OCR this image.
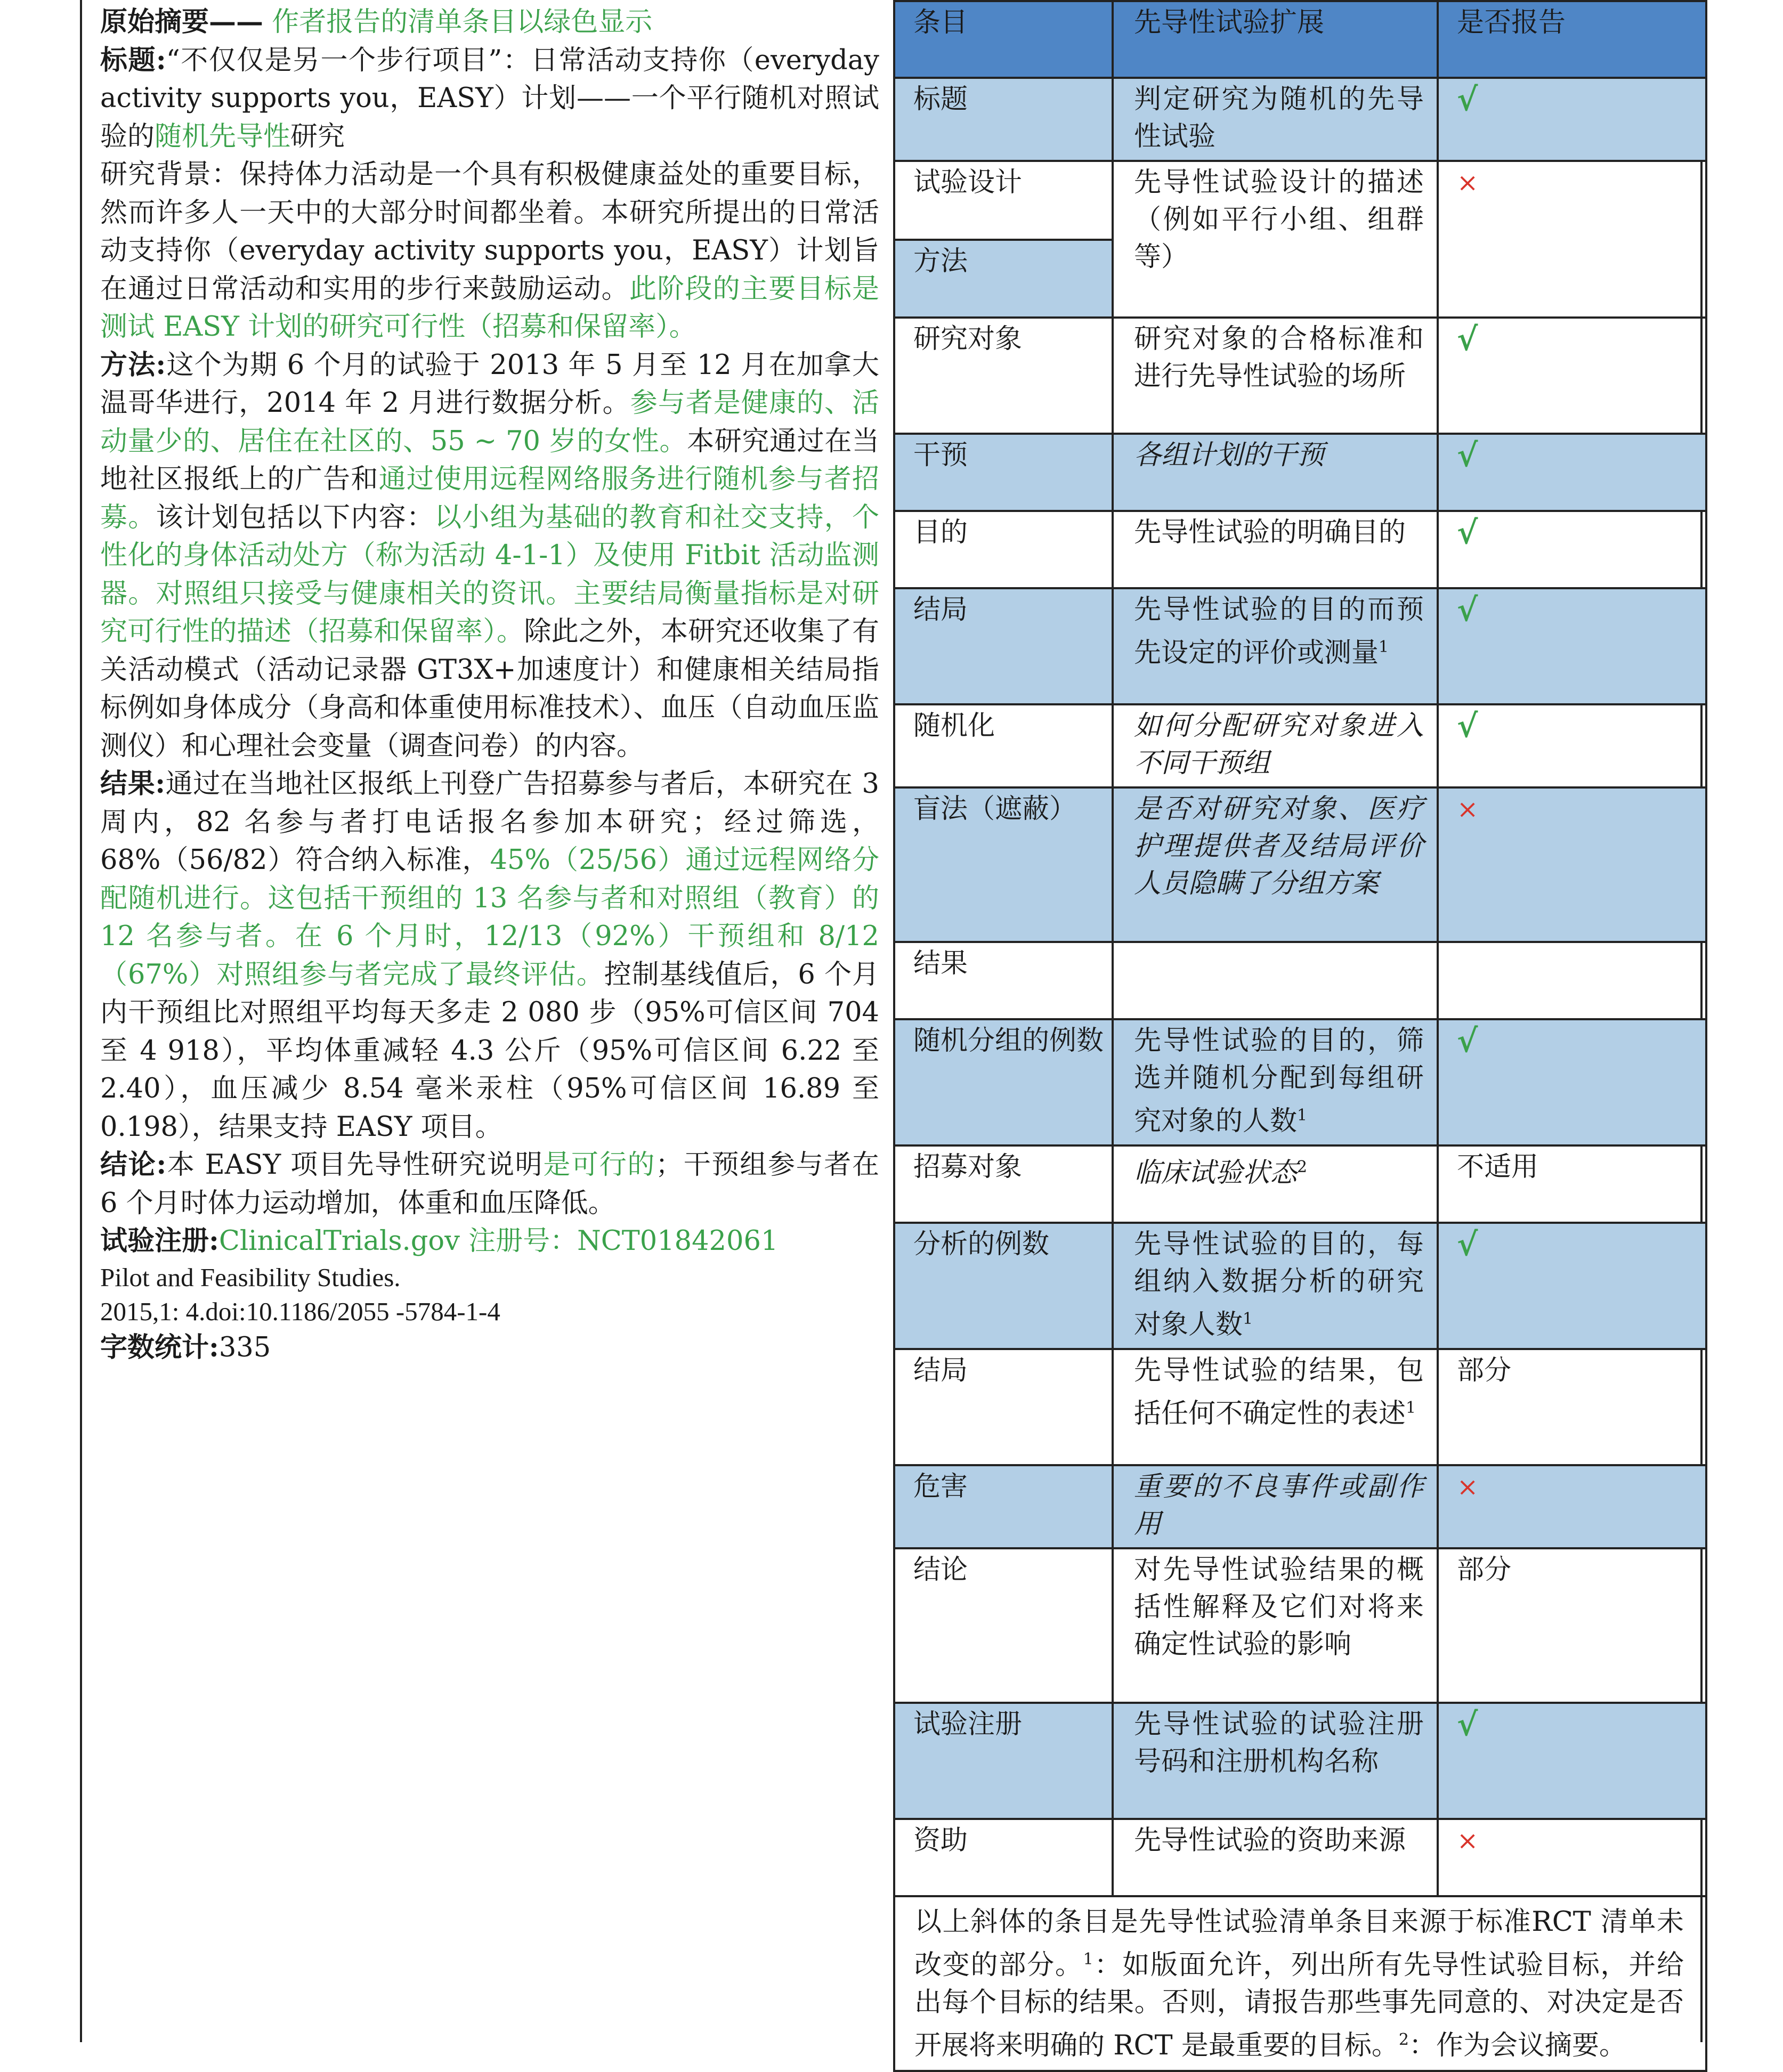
原始摘要—— 作者报告的清单条目以绿色显示

标题:“不仅仅是另一个步行项目”：日常活动支持你（everyday activity supports you，EASY）计划——一个平行随机对照试验的随机先导性研究

研究背景：保持体力活动是一个具有积极健康益处的重要目标，然而许多人一天中的大部分时间都坐着。本研究所提出的日常活动支持你（everyday activity supports you，EASY）计划旨在通过日常活动和实用的步行来鼓励运动。此阶段的主要目标是测试 EASY 计划的研究可行性（招募和保留率）。

方法:这个为期 6 个月的试验于 2013 年 5 月至 12 月在加拿大温哥华进行，2014 年 2 月进行数据分析。参与者是健康的、活动量少的、居住在社区的、55 ~ 70 岁的女性。本研究通过在当地社区报纸上的广告和通过使用远程网络服务进行随机参与者招募。该计划包括以下内容：以小组为基础的教育和社交支持，个性化的身体活动处方（称为活动 4-1-1）及使用 Fitbit 活动监测器。对照组只接受与健康相关的资讯。主要结局衡量指标是对研究可行性的描述（招募和保留率）。除此之外，本研究还收集了有关活动模式（活动记录器 GT3X+加速度计）和健康相关结局指标例如身体成分（身高和体重使用标准技术）、血压（自动血压监测仪）和心理社会变量（调查问卷）的内容。

结果:通过在当地社区报纸上刊登广告招募参与者后，本研究在 3 周内，82 名参与者打电话报名参加本研究；经过筛选，68%（56/82）符合纳入标准，45%（25/56）通过远程网络分配随机进行。这包括干预组的 13 名参与者和对照组（教育）的 12 名参与者。在 6 个月时，12/13（92%）干预组和 8/12（67%）对照组参与者完成了最终评估。控制基线值后，6 个月内干预组比对照组平均每天多走 2 080 步（95%可信区间 704 至 4 918），平均体重减轻 4.3 公斤（95%可信区间 6.22 至 2.40），血压减少 8.54 毫米汞柱（95%可信区间 16.89 至 0.198），结果支持 EASY 项目。

结论:本 EASY 项目先导性研究说明是可行的；干预组参与者在 6 个月时体力运动增加，体重和血压降低。

试验注册:ClinicalTrials.gov 注册号：NCT01842061

Pilot and Feasibility Studies.

2015,1: 4.doi:10.1186/2055 -5784-1-4

字数统计:335

条目	先导性试验扩展	是否报告
标题	判定研究为随机的先导性试验	√

试验设计
方法	先导性试验设计的描述（例如平行小组、组群等）	×
研究对象	研究对象的合格标准和进行先导性试验的场所	√
干预	各组计划的干预	√
目的	先导性试验的明确目的	√
结局	先导性试验的目的而预先设定的评价或测量$^1$	√
随机化	如何分配研究对象进入不同干预组	√
盲法（遮蔽）	是否对研究对象、医疗护理提供者及结局评价人员隐瞒了分组方案	×
结果		
随机分组的例数	先导性试验的目的，筛选并随机分配到每组研究对象的人数$^1$	√
招募对象	临床试验状态$^2$	不适用
分析的例数	先导性试验的目的，每组纳入数据分析的研究对象人数$^1$	√
结局	先导性试验的结果，包括任何不确定性的表述$^1$	部分
危害	重要的不良事件或副作用	×
结论	对先导性试验结果的概括性解释及它们对将来确定性试验的影响	部分
试验注册	先导性试验的试验注册号码和注册机构名称	√
资助	先导性试验的资助来源	×
以上斜体的条目是先导性试验清单条目来源于标准RCT 清单未改变的部分。$^1$：如版面允许，列出所有先导性试验目标，并给出每个目标的结果。否则，请报告那些事先同意的、对决定是否开展将来明确的 RCT 是最重要的目标。$^2$：作为会议摘要。		
